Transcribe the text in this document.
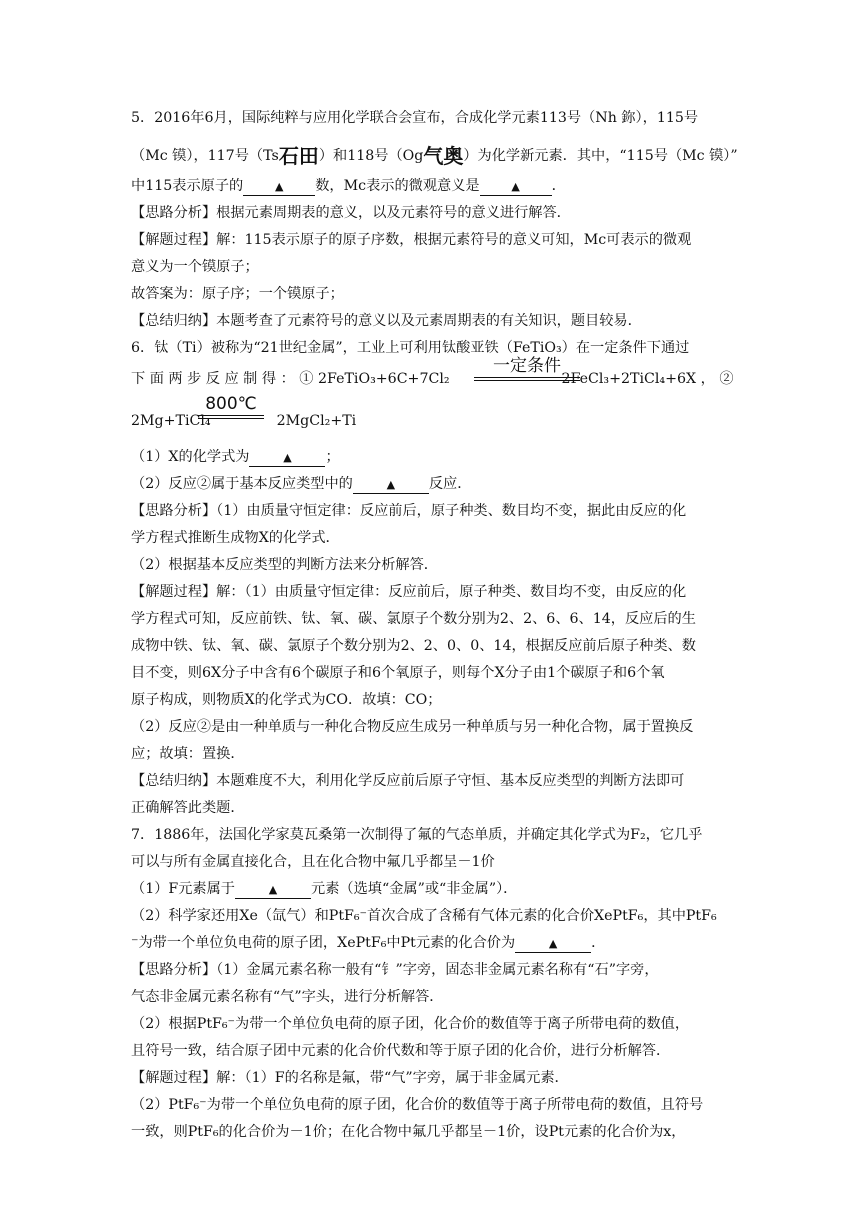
5．2016年6月，国际纯粹与应用化学联合会宣布，合成化学元素113号（Nh 鉨），115号
（Mc 镆），117号（Ts石田）和118号（Og气奥）为化学新元素．其中，“115号（Mc 镆）”
中115表示原子的	▲ 数，Mc表示的微观意义是	▲ ．
【思路分析】根据元素周期表的意义，以及元素符号的意义进行解答．
【解题过程】解：115表示原子的原子序数，根据元素符号的意义可知，Mc可表示的微观
意义为一个镆原子；
故答案为：原子序；一个镆原子；
【总结归纳】本题考查了元素符号的意义以及元素周期表的有关知识，题目较易．
6．钛（Ti）被称为“21世纪金属”，工业上可利用钛酸亚铁（FeTiO₃）在一定条件下通过
下 面 两 步 反 应 制 得 ： ① 2FeTiO₃+6C+7Cl₂	2FeCl₃+2TiCl₄+6X ， ②
一定条件
2Mg+TiCl₄	2MgCl₂+Ti
800℃
（1）X的化学式为	▲ ；
（2）反应②属于基本反应类型中的	▲ 反应．
【思路分析】（1）由质量守恒定律：反应前后，原子种类、数目均不变，据此由反应的化
学方程式推断生成物X的化学式．
（2）根据基本反应类型的判断方法来分析解答．
【解题过程】解：（1）由质量守恒定律：反应前后，原子种类、数目均不变，由反应的化
学方程式可知，反应前铁、钛、氧、碳、氯原子个数分别为2、2、6、6、14，反应后的生
成物中铁、钛、氧、碳、氯原子个数分别为2、2、0、0、14，根据反应前后原子种类、数
目不变，则6X分子中含有6个碳原子和6个氧原子，则每个X分子由1个碳原子和6个氧
原子构成，则物质X的化学式为CO．故填：CO；
（2）反应②是由一种单质与一种化合物反应生成另一种单质与另一种化合物，属于置换反
应；故填：置换．
【总结归纳】本题难度不大，利用化学反应前后原子守恒、基本反应类型的判断方法即可
正确解答此类题．
7．1886年，法国化学家莫瓦桑第一次制得了氟的气态单质，并确定其化学式为F₂，它几乎
可以与所有金属直接化合，且在化合物中氟几乎都呈－1价
（1）F元素属于	▲ 元素（选填“金属”或“非金属”）．
（2）科学家还用Xe（氙气）和PtF₆⁻首次合成了含稀有气体元素的化合价XePtF₆，其中PtF₆
⁻为带一个单位负电荷的原子团，XePtF₆中Pt元素的化合价为	▲ ．
【思路分析】（1）金属元素名称一般有“钅”字旁，固态非金属元素名称有“石”字旁，
气态非金属元素名称有“气”字头，进行分析解答．
（2）根据PtF₆⁻为带一个单位负电荷的原子团，化合价的数值等于离子所带电荷的数值，
且符号一致，结合原子团中元素的化合价代数和等于原子团的化合价，进行分析解答．
【解题过程】解：（1）F的名称是氟，带“气”字旁，属于非金属元素．
（2）PtF₆⁻为带一个单位负电荷的原子团，化合价的数值等于离子所带电荷的数值，且符号
一致，则PtF₆的化合价为－1价；在化合物中氟几乎都呈－1价，设Pt元素的化合价为x，
